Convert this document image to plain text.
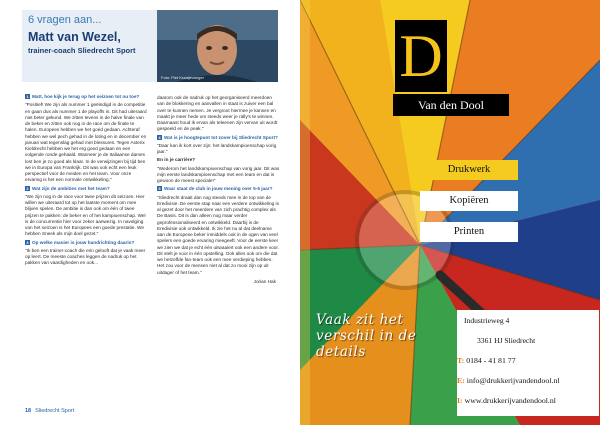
6 vragen aan...
Matt van Wezel,
trainer-coach Sliedrecht Sport
Foto: Piet Kraaijevanger

1 Matt, hoe kijk je terug op het seizoen tot nu toe?

"Positief! We zijn als nummer 1 geëindigd in de competitie en gaan dus als nummer 1 de playoffs in. Dit had uiteraard niet beter gekund. We zitten tevens in de halve finale van de beker en zitten ook nog in de race om de finale te halen. Europees hebben we het goed gedaan. Achteraf hebben we wel pech gehad in de loting en in december en januari wat tegenslag gehad met blessures. Tegen Asterix Kieldrecht hebben we het erg goed gedaan en een volgende ronde gehaald. Wanneer je de Italiaanse dames lost ben je zo goed als klaar. In de verwijzingen bij tijd ben we in Europa van Frankrijk. Dit was ook echt een leuk perspectief voor de meiden en het team. Voor onze ervaring is het een normale ontwikkeling."

2 Wat zijn de ambities met het team?

"We zijn nog in de race voor twee prijzen dit seizoen. Hier willen we uiteraard tot op het laatste moment om mee blijven spelen. De ambitie is dan ook om één of twee prijzen te pakken: de beker en of het kampioenschap. Wel is de concurrentie hier voor zeker aanwezig. In navolging van het seizoen is het Europees een goede prestatie. We hebben Sneek als mijn doel gezet."

3 Op welke manier is jouw handrichting daarin?

"Ik ben een trainer-coach die erin gelooft dat je vaak meer op leert. De meeste coaches leggen de nadruk op het pakken van vaardigheden en ook...

daarom ook de nadruk op het georganiseerd meerdoen van de blokkering en aanvallen in staat is zuiver een bal over te kunnen nemen. Je vergroot hiermee je kansen en maakt je meer hede om steeds weer je rally's te winnen. Daarnaast houd ik ervan als teleenen zijn vervan uit wordt gespeeld en de peak."

4 Wat is je hoogtepunt tot zover bij Sliedrecht Sport?

"Daar kan ik kort over zijn: het landskampioenschap vorig jaar."

En in je carrière?

"Wederom het landskampioenschap van vorig jaar. Dit was mijn eerste landskampioenschap met een team en dat is gewoon de meest speciale!"

5 Waar staat de club in jouw mening over 5-5 jaar?

"Sliedrecht draait dan nog steeds mee in de top van de Eredivisie. De eerste stap naar een verdere ontwikkeling is al gezet door het meerdere van zich prachtig complex als De Basis. Dit is dan alleen nog maar verder geprofessionaliseerd en ontwikkeld. Daarbij is de Eredivisie ook ontwikkeld. Ik zie het nu al dat deelname aan de Europese beker inmiddels ook in de ogen van veel spelers een goede ervaring meegeeft. Voor de eerste keer we zien we dat je echt één uitwaaiert ook een andere voor. Dit stelt je voor in één opstelling. Ook alles ook om die dat we hetzelfde fan-team ook een mee verdieping hebben. Het zou voor de mensen niet al dat zo mooi zijn op uit uitdager of het team."

Jorian Hak

18 Sliedrecht Sport
D
Van den Dool
Drukwerk
Kopiëren
Printen
Vaak zit het verschil in de details
Industrieweg 4
3361 HJ Sliedrecht
T: 0184 - 41 81 77
E: info@drukkerijvandendool.nl
I: www.drukkerijvandendool.nl
